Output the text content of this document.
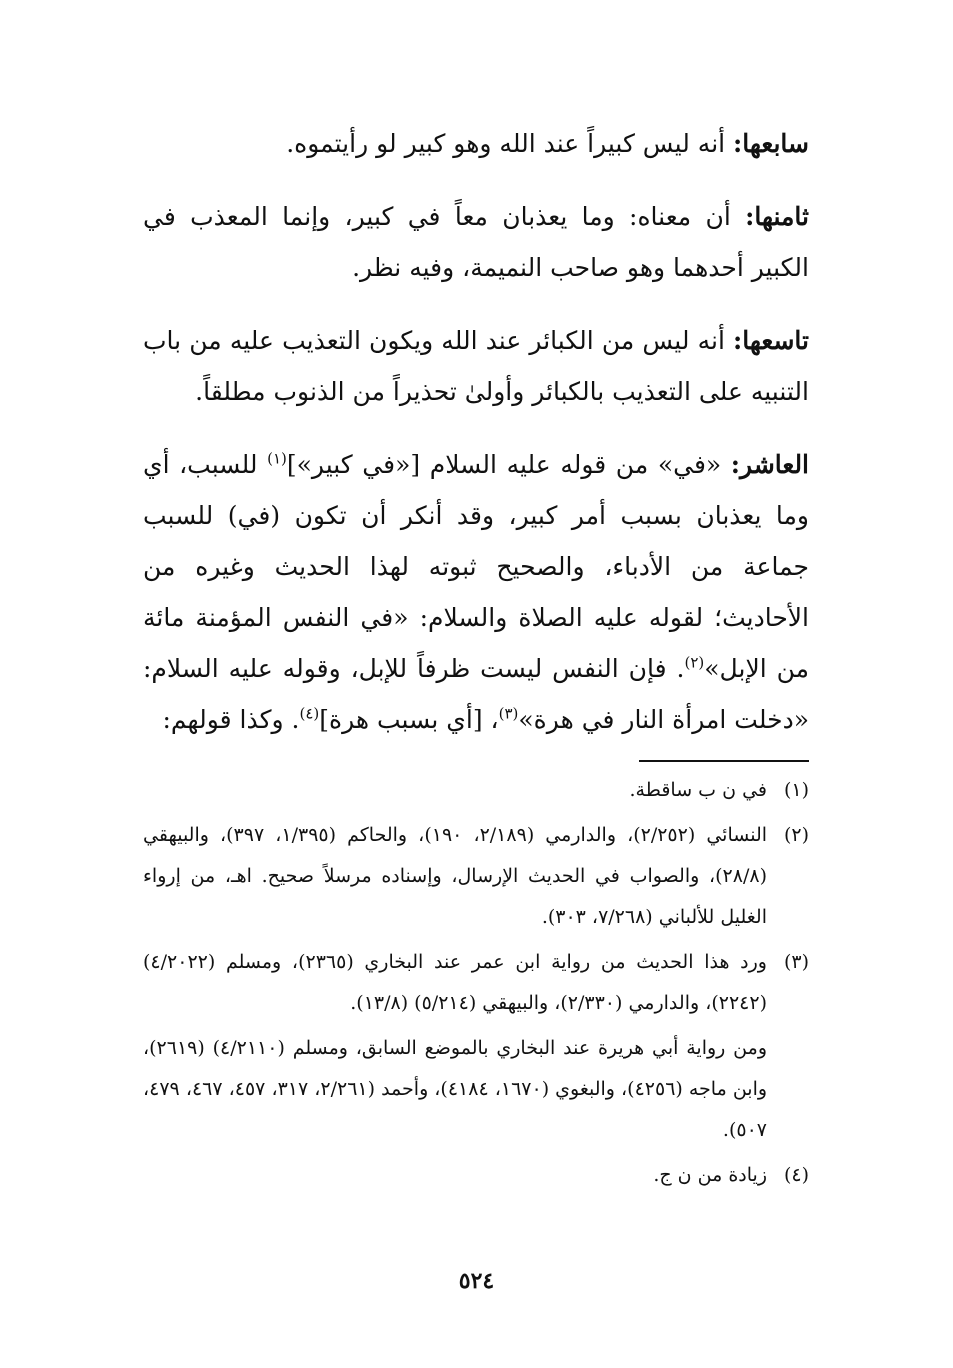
سابعها: أنه ليس كبيراً عند الله وهو كبير لو رأيتموه.

ثامنها: أن معناه: وما يعذبان معاً في كبير، وإنما المعذب في الكبير أحدهما وهو صاحب النميمة، وفيه نظر.

تاسعها: أنه ليس من الكبائر عند الله ويكون التعذيب عليه من باب التنبيه على التعذيب بالكبائر وأولىٰ تحذيراً من الذنوب مطلقاً.

العاشر: «في» من قوله عليه السلام [«في كبير»]$^{(١)}$ للسبب، أي وما يعذبان بسبب أمر كبير، وقد أنكر أن تكون (في) للسبب جماعة من الأدباء، والصحيح ثبوته لهذا الحديث وغيره من الأحاديث؛ لقوله عليه الصلاة والسلام: «في النفس المؤمنة مائة من الإبل»$^{(٢)}$. فإن النفس ليست ظرفاً للإبل، وقوله عليه السلام: «دخلت امرأة النار في هرة»$^{(٣)}$، [أي بسبب هرة]$^{(٤)}$. وكذا قولهم:

(١)
في ن ب ساقطة.
(٢)
النسائي (٢/٢٥٢)، والدارمي (٢/١٨٩، ١٩٠)، والحاكم (١/٣٩٥، ٣٩٧)، والبيهقي (٢٨/٨)، والصواب في الحديث الإرسال، وإسناده مرسلاً صحيح. اهـ، من إرواء الغليل للألباني (٧/٢٦٨، ٣٠٣).
(٣)
ورد هذا الحديث من رواية ابن عمر عند البخاري (٢٣٦٥)، ومسلم (٤/٢٠٢٢) (٢٢٤٢)، والدارمي (٢/٣٣٠)، والبيهقي (٥/٢١٤) (١٣/٨).
ومن رواية أبي هريرة عند البخاري بالموضع السابق، ومسلم (٤/٢١١٠) (٢٦١٩)، وابن ماجه (٤٢٥٦)، والبغوي (١٦٧٠، ٤١٨٤)، وأحمد (٢/٢٦١، ٣١٧، ٤٥٧، ٤٦٧، ٤٧٩، ٥٠٧).
(٤)
زيادة من ن ج.
٥٢٤
